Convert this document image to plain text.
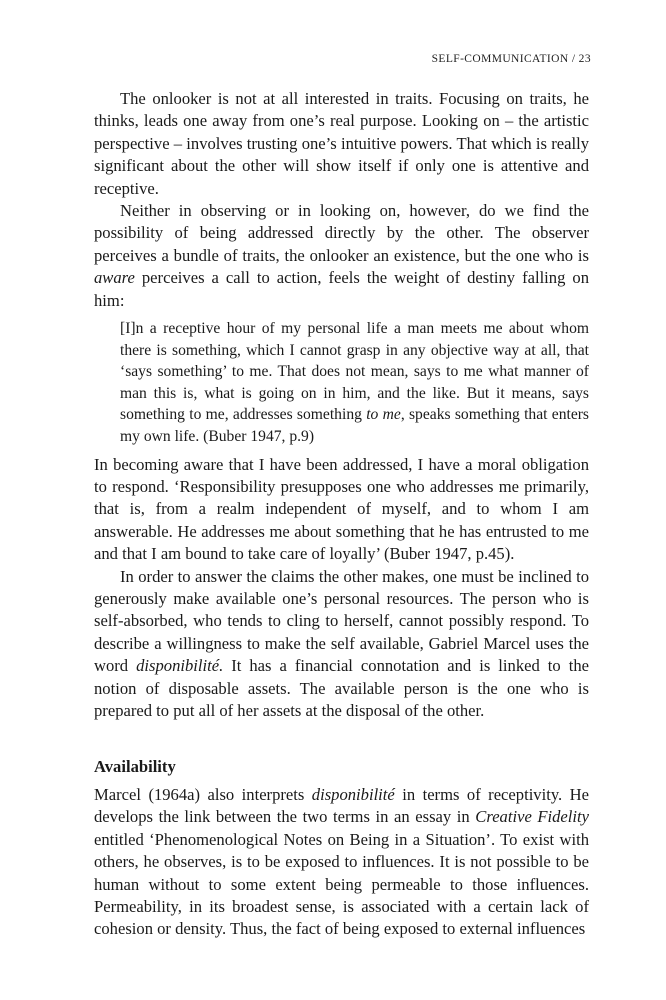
SELF-COMMUNICATION / 23

The onlooker is not at all interested in traits. Focusing on traits, he thinks, leads one away from one’s real purpose. Looking on – the artistic perspective – involves trusting one’s intuitive powers. That which is really significant about the other will show itself if only one is attentive and receptive.

Neither in observing or in looking on, however, do we find the possibility of being addressed directly by the other. The observer perceives a bundle of traits, the onlooker an existence, but the one who is aware perceives a call to action, feels the weight of destiny falling on him:

[I]n a receptive hour of my personal life a man meets me about whom there is something, which I cannot grasp in any objective way at all, that ‘says something’ to me. That does not mean, says to me what manner of man this is, what is going on in him, and the like. But it means, says something to me, addresses something to me, speaks something that enters my own life. (Buber 1947, p.9)

In becoming aware that I have been addressed, I have a moral obligation to respond. ‘Responsibility presupposes one who addresses me primarily, that is, from a realm independent of myself, and to whom I am answerable. He addresses me about something that he has entrusted to me and that I am bound to take care of loyally’ (Buber 1947, p.45).

In order to answer the claims the other makes, one must be inclined to generously make available one’s personal resources. The person who is self-absorbed, who tends to cling to herself, cannot possibly respond. To describe a willingness to make the self available, Gabriel Marcel uses the word disponibilité. It has a financial connotation and is linked to the notion of disposable assets. The available person is the one who is prepared to put all of her assets at the disposal of the other.

Availability

Marcel (1964a) also interprets disponibilité in terms of receptivity. He develops the link between the two terms in an essay in Creative Fidelity entitled ‘Phenomenological Notes on Being in a Situation’. To exist with others, he observes, is to be exposed to influences. It is not possible to be human without to some extent being permeable to those influences. Permeability, in its broadest sense, is associated with a certain lack of cohesion or density. Thus, the fact of being exposed to external influences
